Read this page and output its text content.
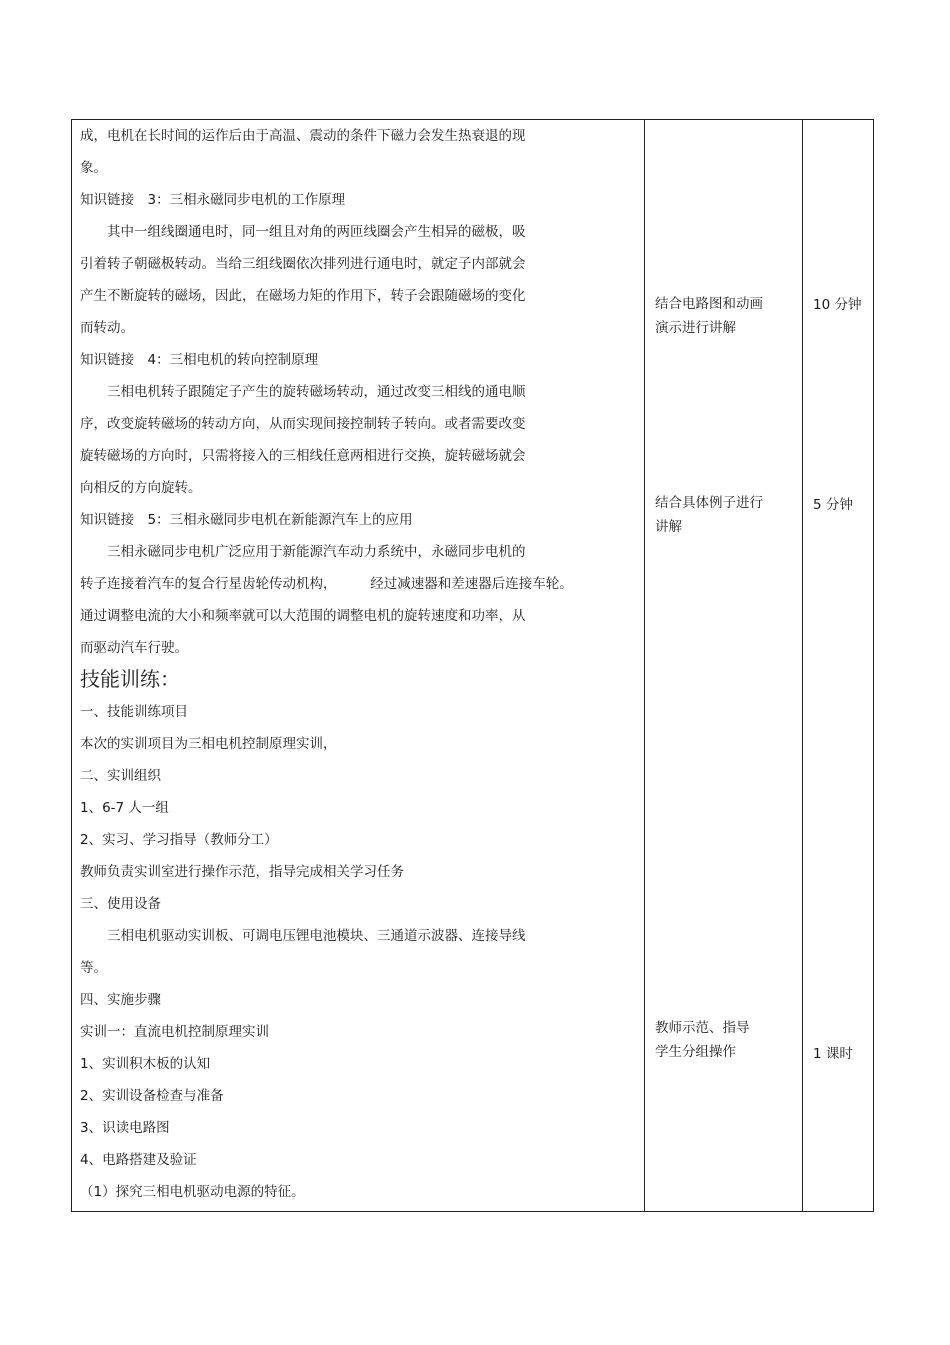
成，电机在长时间的运作后由于高温、震动的条件下磁力会发生热衰退的现
象。
知识链接　3：三相永磁同步电机的工作原理
　　其中一组线圈通电时，同一组且对角的两匝线圈会产生相异的磁极，吸
引着转子朝磁极转动。当给三组线圈依次排列进行通电时，就定子内部就会
产生不断旋转的磁场，因此，在磁场力矩的作用下，转子会跟随磁场的变化
而转动。
知识链接　4：三相电机的转向控制原理
　　三相电机转子跟随定子产生的旋转磁场转动，通过改变三相线的通电顺
序，改变旋转磁场的转动方向，从而实现间接控制转子转向。或者需要改变
旋转磁场的方向时，只需将接入的三相线任意两相进行交换，旋转磁场就会
向相反的方向旋转。
知识链接　5：三相永磁同步电机在新能源汽车上的应用
　　三相永磁同步电机广泛应用于新能源汽车动力系统中，永磁同步电机的
转子连接着汽车的复合行星齿轮传动机构，　　　经过减速器和差速器后连接车轮。
通过调整电流的大小和频率就可以大范围的调整电机的旋转速度和功率，从
而驱动汽车行驶。
技能训练：
一、技能训练项目
本次的实训项目为三相电机控制原理实训，
二、实训组织
1、6-7 人一组
2、实习、学习指导（教师分工）
教师负责实训室进行操作示范，指导完成相关学习任务
三、使用设备
　　三相电机驱动实训板、可调电压锂电池模块、三通道示波器、连接导线
等。
四、实施步骤
实训一：直流电机控制原理实训
1、实训积木板的认知
2、实训设备检查与准备
3、识读电路图
4、电路搭建及验证
（1）探究三相电机驱动电源的特征。
结合电路图和动画
演示进行讲解
结合具体例子进行
讲解
教师示范、指导
学生分组操作
10 分钟
5 分钟
1 课时
